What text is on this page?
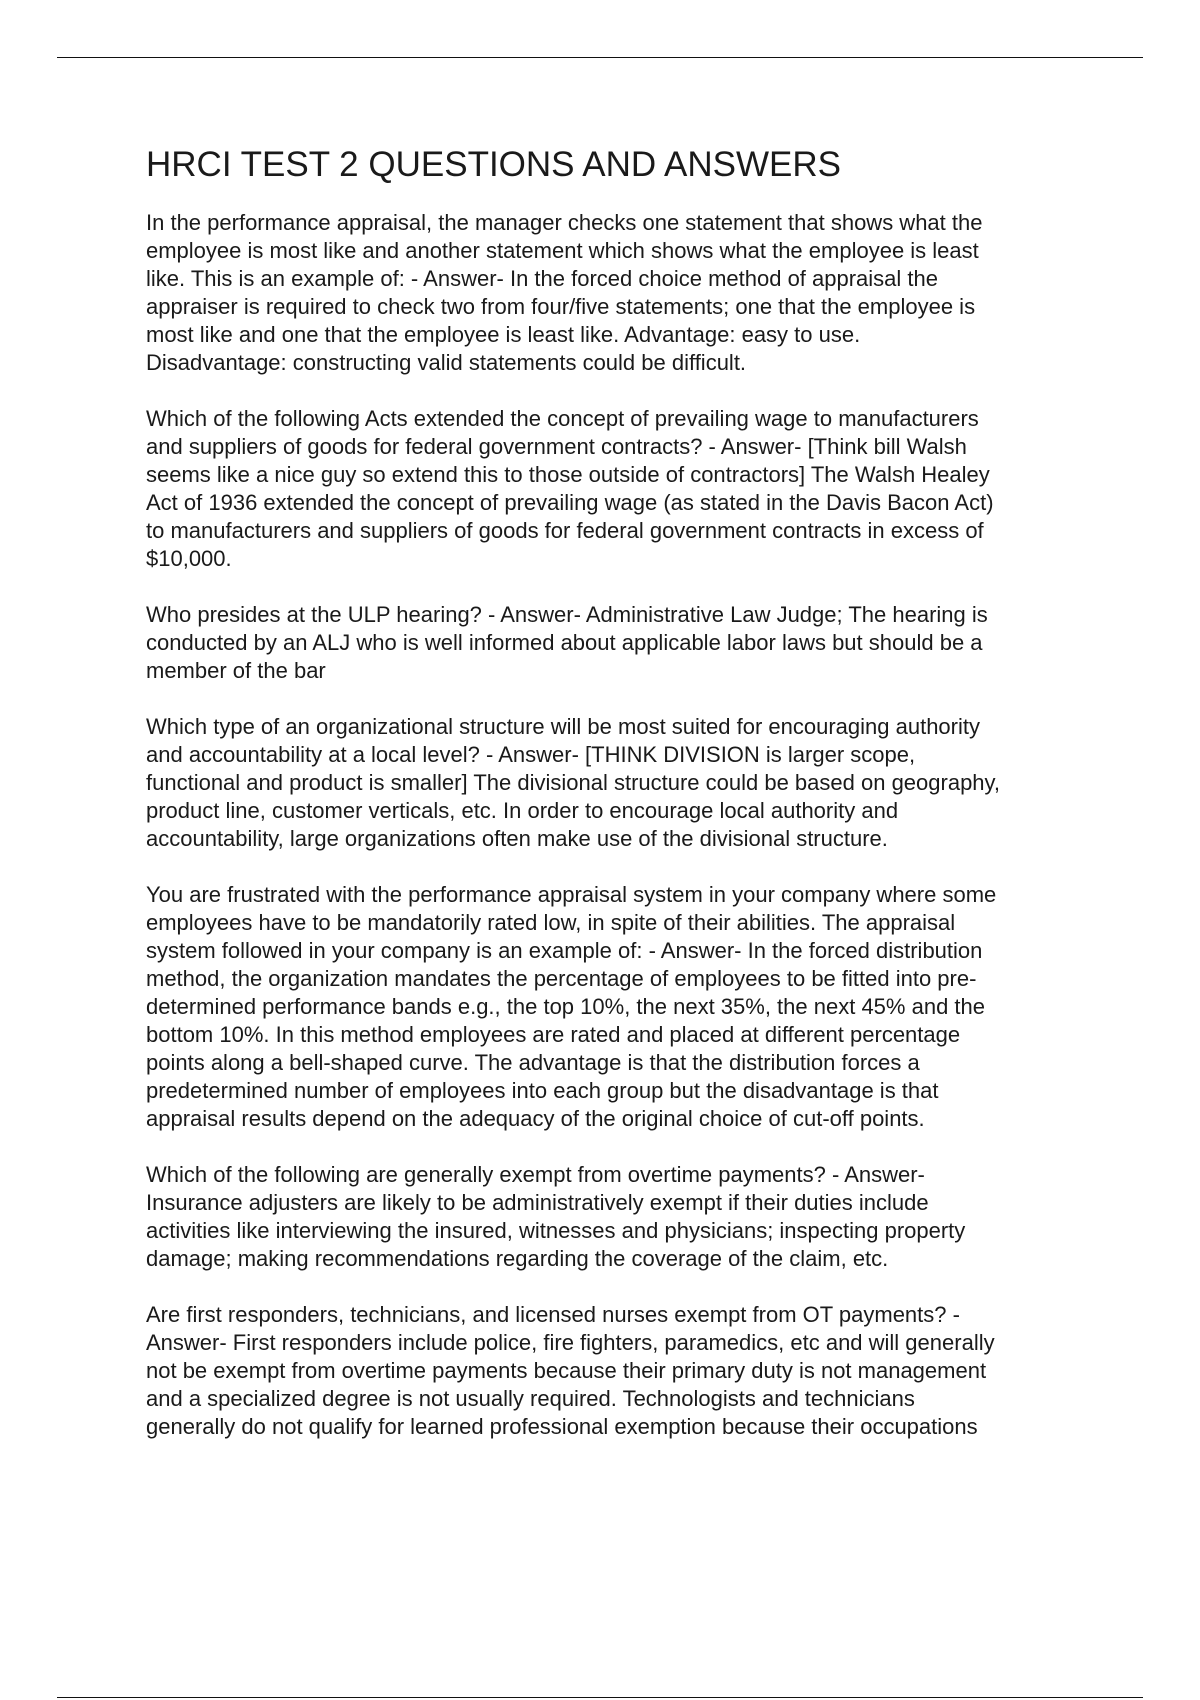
HRCI TEST 2 QUESTIONS AND ANSWERS

In the performance appraisal, the manager checks one statement that shows what the
employee is most like and another statement which shows what the employee is least
like. This is an example of: - Answer- In the forced choice method of appraisal the
appraiser is required to check two from four/five statements; one that the employee is
most like and one that the employee is least like. Advantage: easy to use.
Disadvantage: constructing valid statements could be difficult.

Which of the following Acts extended the concept of prevailing wage to manufacturers
and suppliers of goods for federal government contracts? - Answer- [Think bill Walsh
seems like a nice guy so extend this to those outside of contractors] The Walsh Healey
Act of 1936 extended the concept of prevailing wage (as stated in the Davis Bacon Act)
to manufacturers and suppliers of goods for federal government contracts in excess of
$10,000.

Who presides at the ULP hearing? - Answer- Administrative Law Judge; The hearing is
conducted by an ALJ who is well informed about applicable labor laws but should be a
member of the bar

Which type of an organizational structure will be most suited for encouraging authority
and accountability at a local level? - Answer- [THINK DIVISION is larger scope,
functional and product is smaller] The divisional structure could be based on geography,
product line, customer verticals, etc. In order to encourage local authority and
accountability, large organizations often make use of the divisional structure.

You are frustrated with the performance appraisal system in your company where some
employees have to be mandatorily rated low, in spite of their abilities. The appraisal
system followed in your company is an example of: - Answer- In the forced distribution
method, the organization mandates the percentage of employees to be fitted into pre-
determined performance bands e.g., the top 10%, the next 35%, the next 45% and the
bottom 10%. In this method employees are rated and placed at different percentage
points along a bell-shaped curve. The advantage is that the distribution forces a
predetermined number of employees into each group but the disadvantage is that
appraisal results depend on the adequacy of the original choice of cut-off points.

Which of the following are generally exempt from overtime payments? - Answer-
Insurance adjusters are likely to be administratively exempt if their duties include
activities like interviewing the insured, witnesses and physicians; inspecting property
damage; making recommendations regarding the coverage of the claim, etc.

Are first responders, technicians, and licensed nurses exempt from OT payments? -
Answer- First responders include police, fire fighters, paramedics, etc and will generally
not be exempt from overtime payments because their primary duty is not management
and a specialized degree is not usually required. Technologists and technicians
generally do not qualify for learned professional exemption because their occupations
